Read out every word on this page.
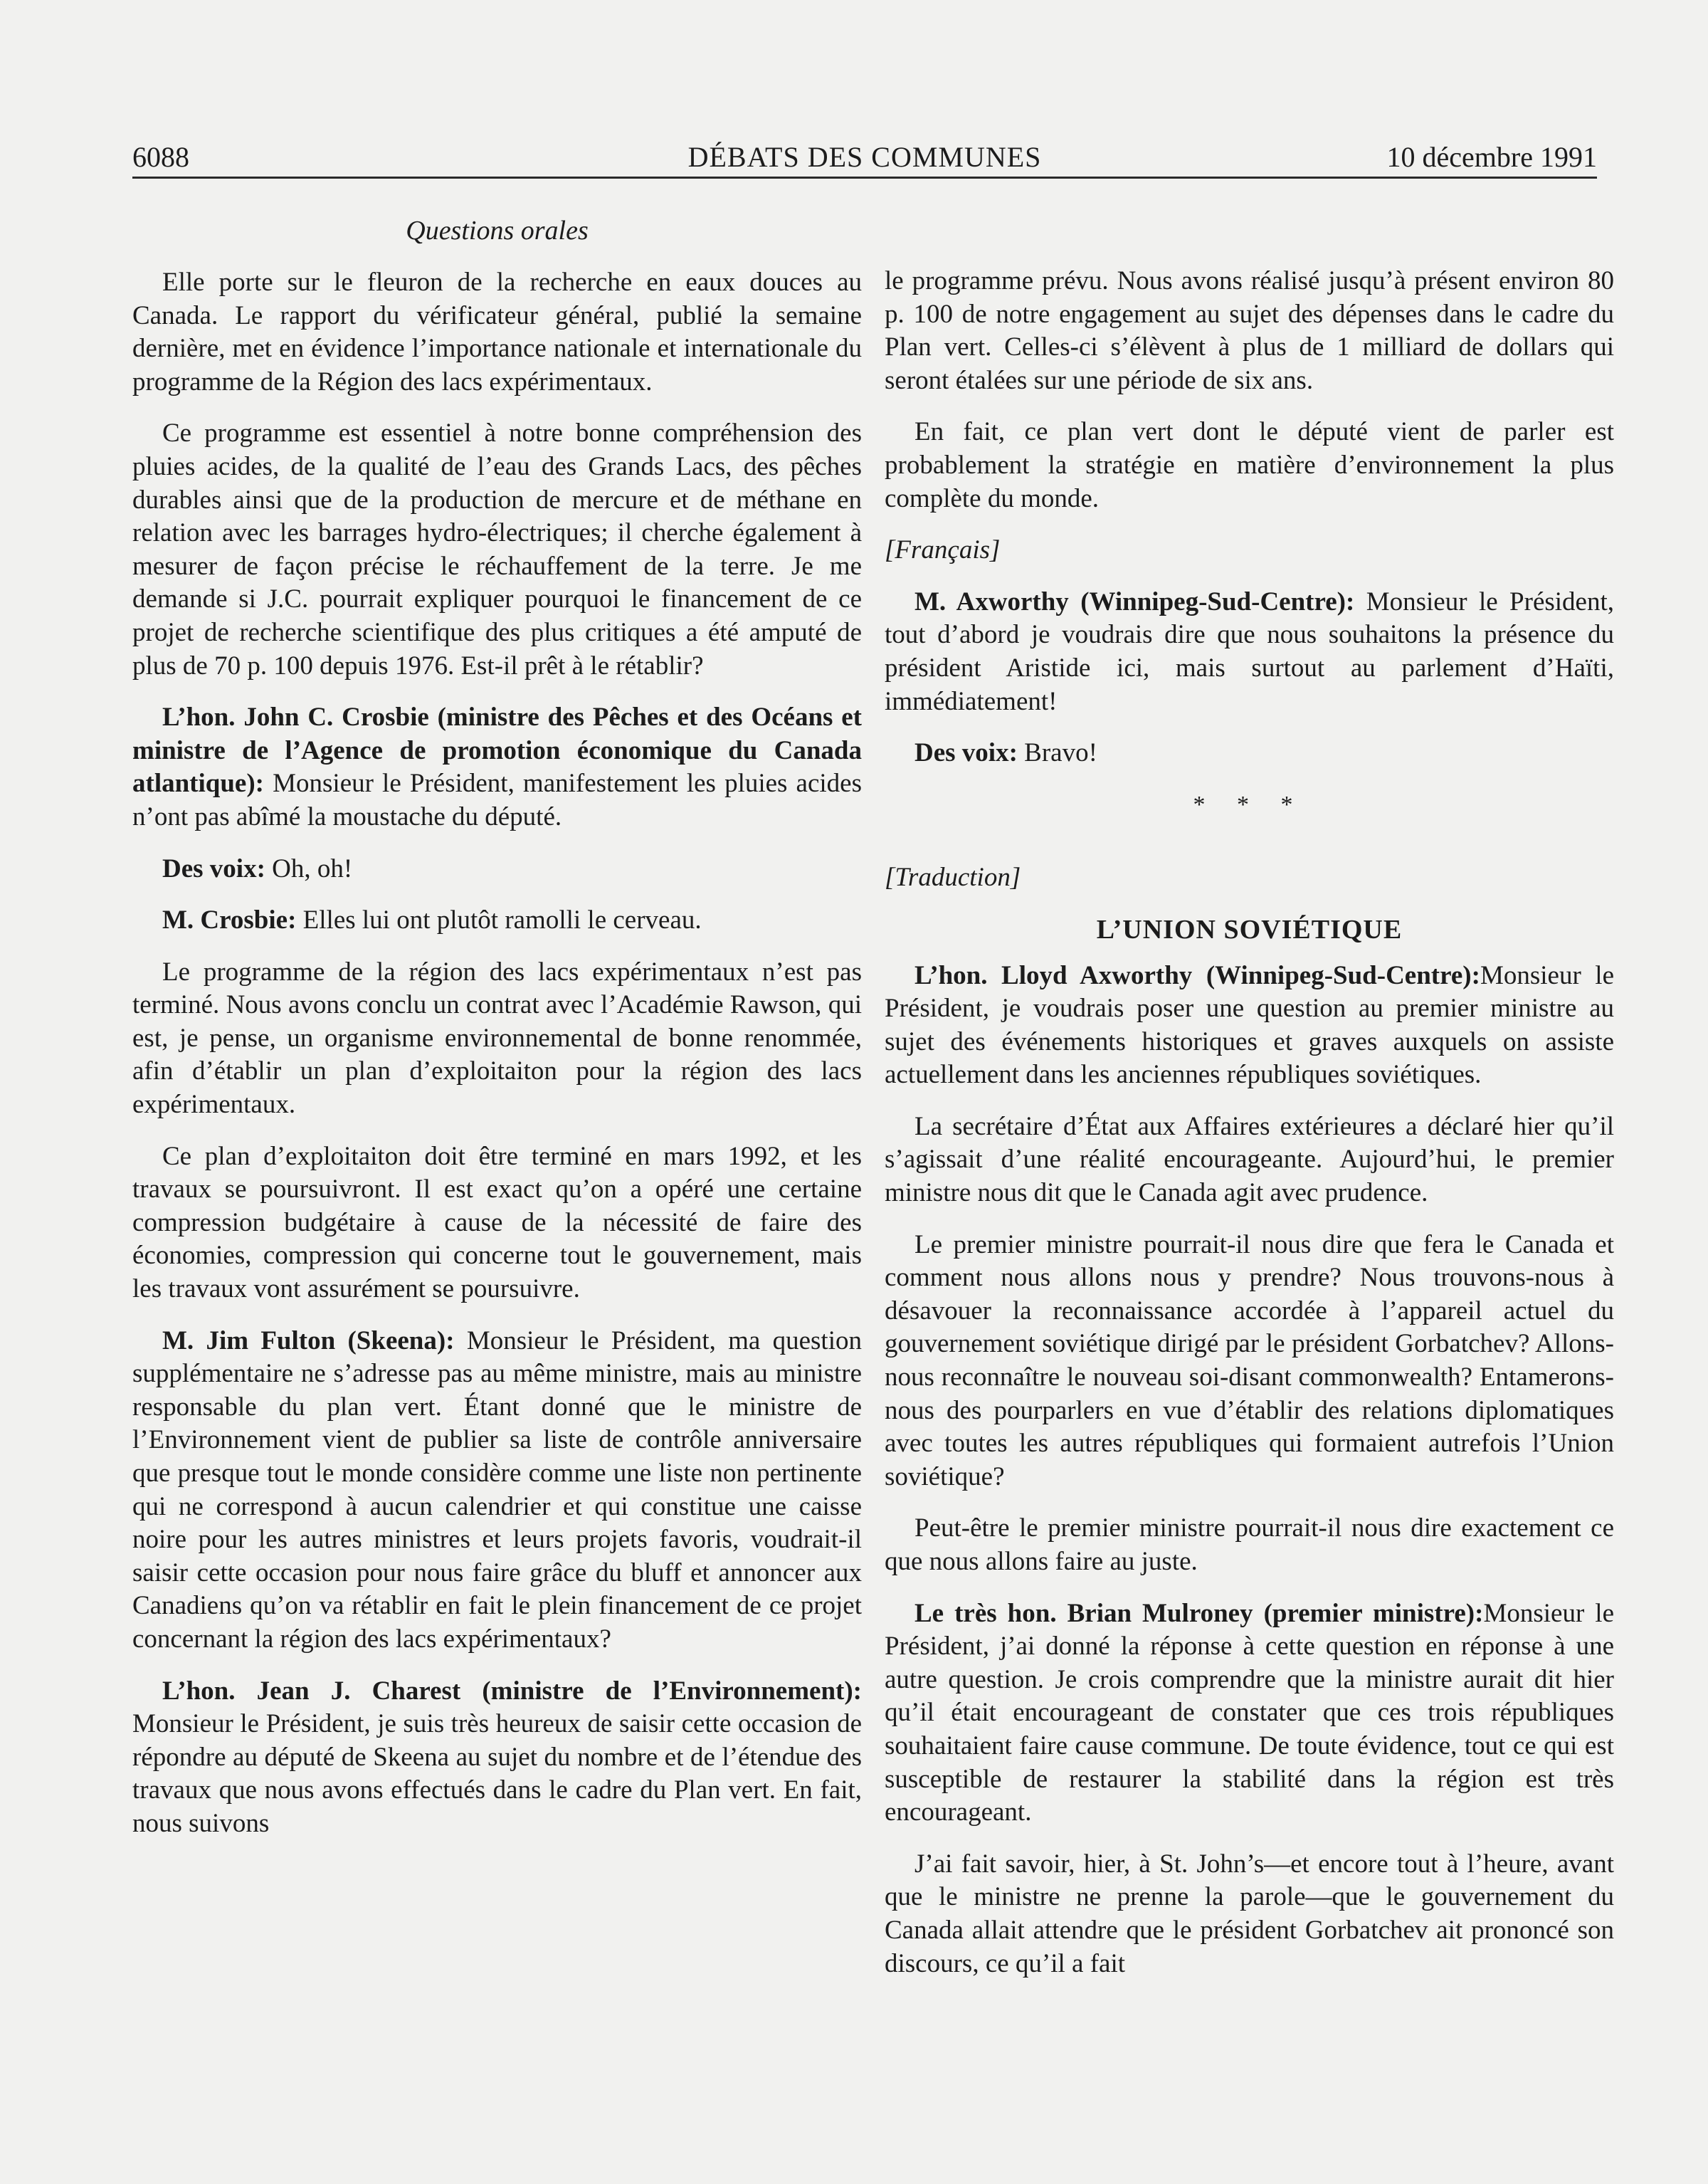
6088	DÉBATS DES COMMUNES	10 décembre 1991
Questions orales

Elle porte sur le fleuron de la recherche en eaux douces au Canada. Le rapport du vérificateur général, publié la semaine dernière, met en évidence l’importance nationale et internationale du programme de la Région des lacs expérimentaux.

Ce programme est essentiel à notre bonne compréhension des pluies acides, de la qualité de l’eau des Grands Lacs, des pêches durables ainsi que de la production de mercure et de méthane en relation avec les barrages hydro-électriques; il cherche également à mesurer de façon précise le réchauffement de la terre. Je me demande si J.C. pourrait expliquer pourquoi le financement de ce projet de recherche scientifique des plus critiques a été amputé de plus de 70 p. 100 depuis 1976. Est-il prêt à le rétablir?

L’hon. John C. Crosbie (ministre des Pêches et des Océans et ministre de l’Agence de promotion économique du Canada atlantique): Monsieur le Président, manifestement les pluies acides n’ont pas abîmé la moustache du député.

Des voix: Oh, oh!

M. Crosbie: Elles lui ont plutôt ramolli le cerveau.

Le programme de la région des lacs expérimentaux n’est pas terminé. Nous avons conclu un contrat avec l’Académie Rawson, qui est, je pense, un organisme environnemental de bonne renommée, afin d’établir un plan d’exploitaiton pour la région des lacs expérimentaux.

Ce plan d’exploitaiton doit être terminé en mars 1992, et les travaux se poursuivront. Il est exact qu’on a opéré une certaine compression budgétaire à cause de la nécessité de faire des économies, compression qui concerne tout le gouvernement, mais les travaux vont assurément se poursuivre.

M. Jim Fulton (Skeena): Monsieur le Président, ma question supplémentaire ne s’adresse pas au même ministre, mais au ministre responsable du plan vert. Étant donné que le ministre de l’Environnement vient de publier sa liste de contrôle anniversaire que presque tout le monde considère comme une liste non pertinente qui ne correspond à aucun calendrier et qui constitue une caisse noire pour les autres ministres et leurs projets favoris, voudrait-il saisir cette occasion pour nous faire grâce du bluff et annoncer aux Canadiens qu’on va rétablir en fait le plein financement de ce projet concernant la région des lacs expérimentaux?

L’hon. Jean J. Charest (ministre de l’Environnement): Monsieur le Président, je suis très heureux de saisir cette occasion de répondre au député de Skeena au sujet du nombre et de l’étendue des travaux que nous avons effectués dans le cadre du Plan vert. En fait, nous suivons

le programme prévu. Nous avons réalisé jusqu’à présent environ 80 p. 100 de notre engagement au sujet des dépenses dans le cadre du Plan vert. Celles-ci s’élèvent à plus de 1 milliard de dollars qui seront étalées sur une période de six ans.

En fait, ce plan vert dont le député vient de parler est probablement la stratégie en matière d’environnement la plus complète du monde.

[Français]

M. Axworthy (Winnipeg-Sud-Centre): Monsieur le Président, tout d’abord je voudrais dire que nous souhaitons la présence du président Aristide ici, mais surtout au parlement d’Haïti, immédiatement!

Des voix: Bravo!

* * *

[Traduction]

L’UNION SOVIÉTIQUE

L’hon. Lloyd Axworthy (Winnipeg-Sud-Centre):Monsieur le Président, je voudrais poser une question au premier ministre au sujet des événements historiques et graves auxquels on assiste actuellement dans les anciennes républiques soviétiques.

La secrétaire d’État aux Affaires extérieures a déclaré hier qu’il s’agissait d’une réalité encourageante. Aujourd’hui, le premier ministre nous dit que le Canada agit avec prudence.

Le premier ministre pourrait-il nous dire que fera le Canada et comment nous allons nous y prendre? Nous trouvons-nous à désavouer la reconnaissance accordée à l’appareil actuel du gouvernement soviétique dirigé par le président Gorbatchev? Allons-nous reconnaître le nouveau soi-disant commonwealth? Entamerons-nous des pourparlers en vue d’établir des relations diplomatiques avec toutes les autres républiques qui formaient autrefois l’Union soviétique?

Peut-être le premier ministre pourrait-il nous dire exactement ce que nous allons faire au juste.

Le très hon. Brian Mulroney (premier ministre):Monsieur le Président, j’ai donné la réponse à cette question en réponse à une autre question. Je crois comprendre que la ministre aurait dit hier qu’il était encourageant de constater que ces trois républiques souhaitaient faire cause commune. De toute évidence, tout ce qui est susceptible de restaurer la stabilité dans la région est très encourageant.

J’ai fait savoir, hier, à St. John’s—et encore tout à l’heure, avant que le ministre ne prenne la parole—que le gouvernement du Canada allait attendre que le président Gorbatchev ait prononcé son discours, ce qu’il a fait
